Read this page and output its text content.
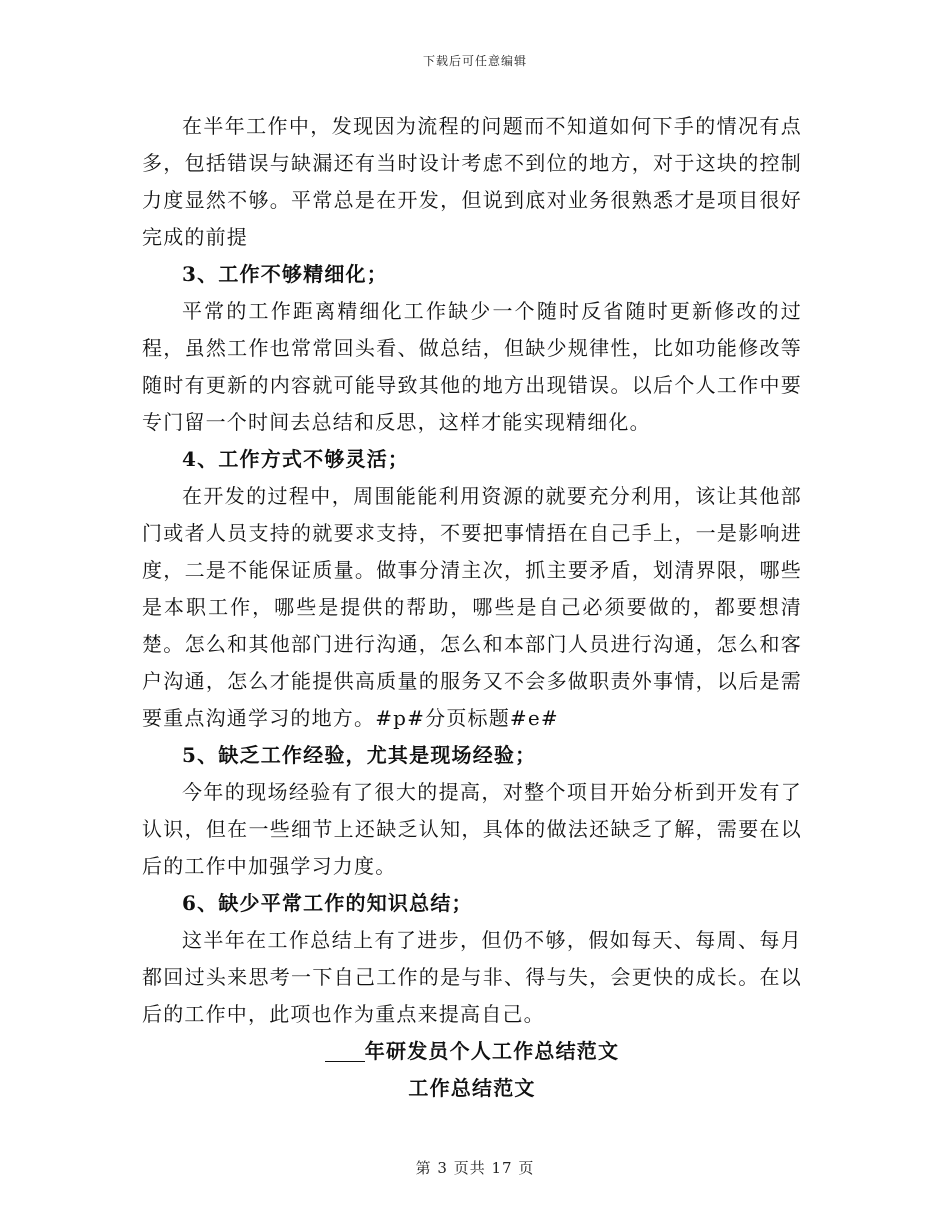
下载后可任意编辑

在半年工作中，发现因为流程的问题而不知道如何下手的情况有点多，包括错误与缺漏还有当时设计考虑不到位的地方，对于这块的控制力度显然不够。平常总是在开发，但说到底对业务很熟悉才是项目很好完成的前提

3、工作不够精细化；

平常的工作距离精细化工作缺少一个随时反省随时更新修改的过程，虽然工作也常常回头看、做总结，但缺少规律性，比如功能修改等随时有更新的内容就可能导致其他的地方出现错误。以后个人工作中要专门留一个时间去总结和反思，这样才能实现精细化。

4、工作方式不够灵活；

在开发的过程中，周围能能利用资源的就要充分利用，该让其他部门或者人员支持的就要求支持，不要把事情捂在自己手上，一是影响进度，二是不能保证质量。做事分清主次，抓主要矛盾，划清界限，哪些是本职工作，哪些是提供的帮助，哪些是自己必须要做的，都要想清楚。怎么和其他部门进行沟通，怎么和本部门人员进行沟通，怎么和客户沟通，怎么才能提供高质量的服务又不会多做职责外事情，以后是需要重点沟通学习的地方。#p#分页标题#e#

5、缺乏工作经验，尤其是现场经验；

今年的现场经验有了很大的提高，对整个项目开始分析到开发有了认识，但在一些细节上还缺乏认知，具体的做法还缺乏了解，需要在以后的工作中加强学习力度。

6、缺少平常工作的知识总结；

这半年在工作总结上有了进步，但仍不够，假如每天、每周、每月都回过头来思考一下自己工作的是与非、得与失，会更快的成长。在以后的工作中，此项也作为重点来提高自己。

年研发员个人工作总结范文

工作总结范文

第 3 页共 17 页
